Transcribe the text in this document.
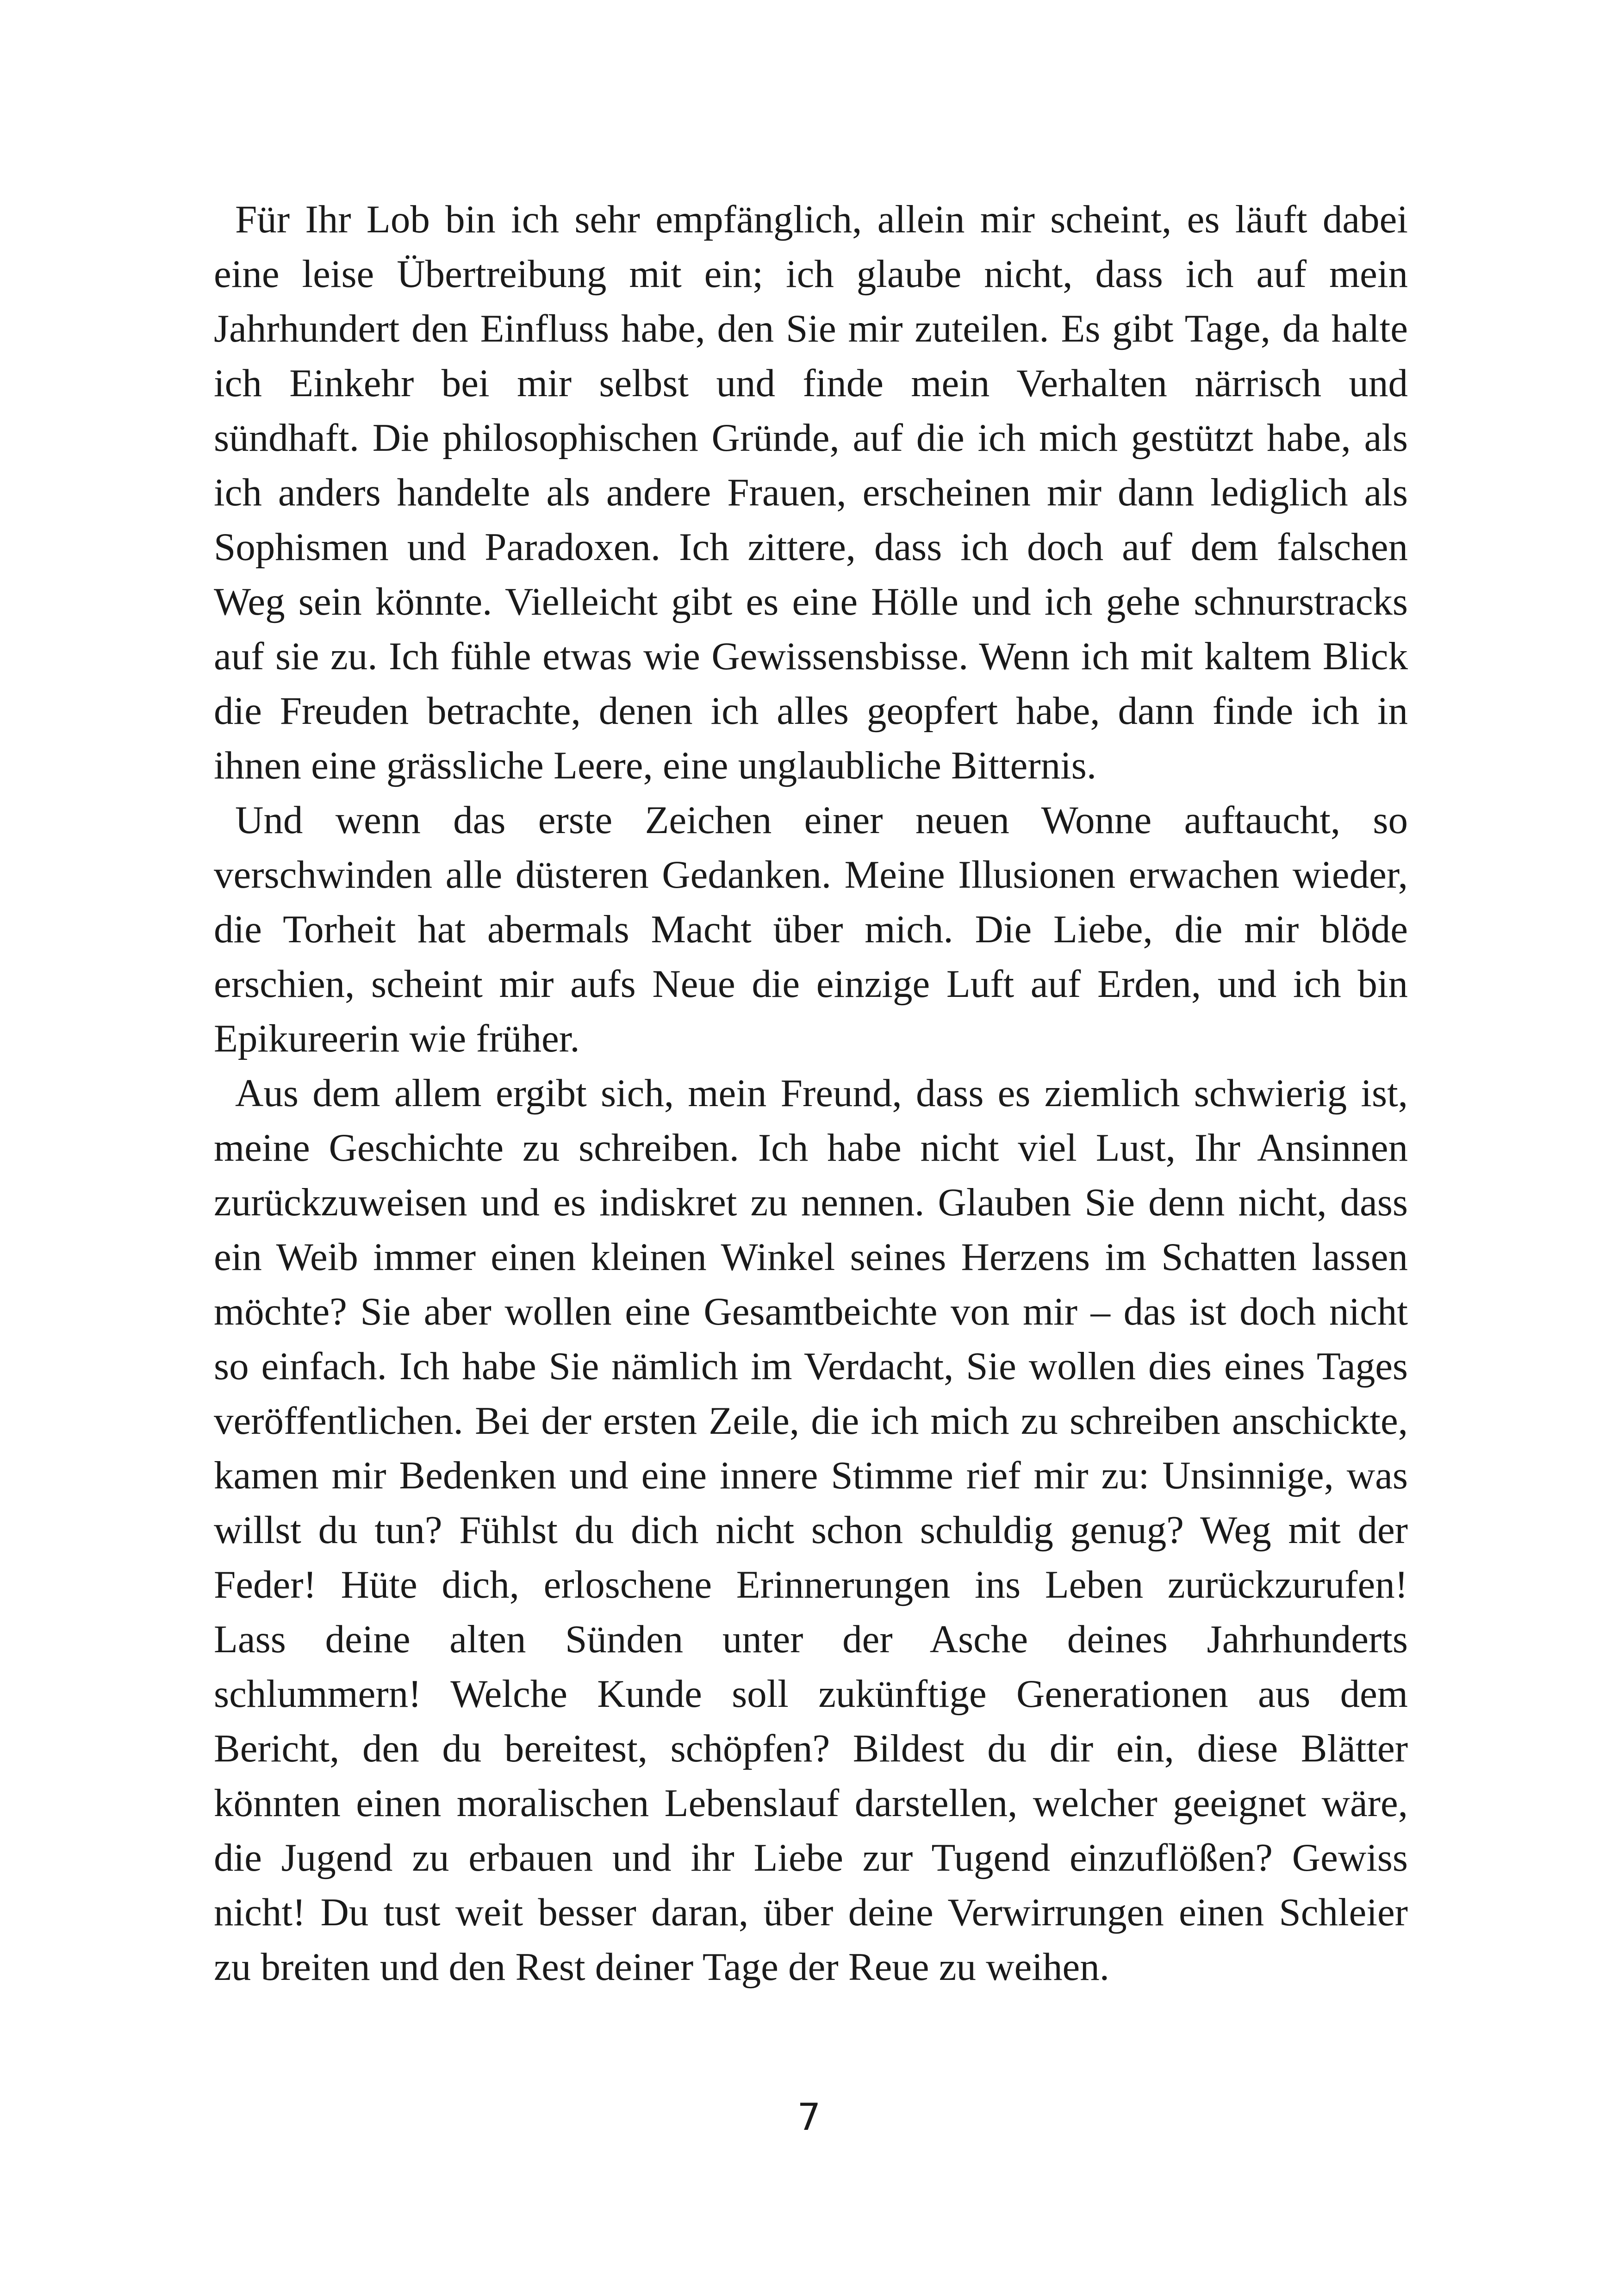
Für Ihr Lob bin ich sehr empfänglich, allein mir scheint, es läuft dabei
eine leise Übertreibung mit ein; ich glaube nicht, dass ich auf mein
Jahrhundert den Einfluss habe, den Sie mir zuteilen. Es gibt Tage, da halte
ich Einkehr bei mir selbst und finde mein Verhalten närrisch und
sündhaft. Die philosophischen Gründe, auf die ich mich gestützt habe, als
ich anders handelte als andere Frauen, erscheinen mir dann lediglich als
Sophismen und Paradoxen. Ich zittere, dass ich doch auf dem falschen
Weg sein könnte. Vielleicht gibt es eine Hölle und ich gehe schnurstracks
auf sie zu. Ich fühle etwas wie Gewissensbisse. Wenn ich mit kaltem Blick
die Freuden betrachte, denen ich alles geopfert habe, dann finde ich in
ihnen eine grässliche Leere, eine unglaubliche Bitternis.
Und wenn das erste Zeichen einer neuen Wonne auftaucht, so
verschwinden alle düsteren Gedanken. Meine Illusionen erwachen wieder,
die Torheit hat abermals Macht über mich. Die Liebe, die mir blöde
erschien, scheint mir aufs Neue die einzige Luft auf Erden, und ich bin
Epikureerin wie früher.
Aus dem allem ergibt sich, mein Freund, dass es ziemlich schwierig ist,
meine Geschichte zu schreiben. Ich habe nicht viel Lust, Ihr Ansinnen
zurückzuweisen und es indiskret zu nennen. Glauben Sie denn nicht, dass
ein Weib immer einen kleinen Winkel seines Herzens im Schatten lassen
möchte? Sie aber wollen eine Gesamtbeichte von mir – das ist doch nicht
so einfach. Ich habe Sie nämlich im Verdacht, Sie wollen dies eines Tages
veröffentlichen. Bei der ersten Zeile, die ich mich zu schreiben anschickte,
kamen mir Bedenken und eine innere Stimme rief mir zu: Unsinnige, was
willst du tun? Fühlst du dich nicht schon schuldig genug? Weg mit der
Feder! Hüte dich, erloschene Erinnerungen ins Leben zurückzurufen!
Lass deine alten Sünden unter der Asche deines Jahrhunderts
schlummern! Welche Kunde soll zukünftige Generationen aus dem
Bericht, den du bereitest, schöpfen? Bildest du dir ein, diese Blätter
könnten einen moralischen Lebenslauf darstellen, welcher geeignet wäre,
die Jugend zu erbauen und ihr Liebe zur Tugend einzuflößen? Gewiss
nicht! Du tust weit besser daran, über deine Verwirrungen einen Schleier
zu breiten und den Rest deiner Tage der Reue zu weihen.
7
